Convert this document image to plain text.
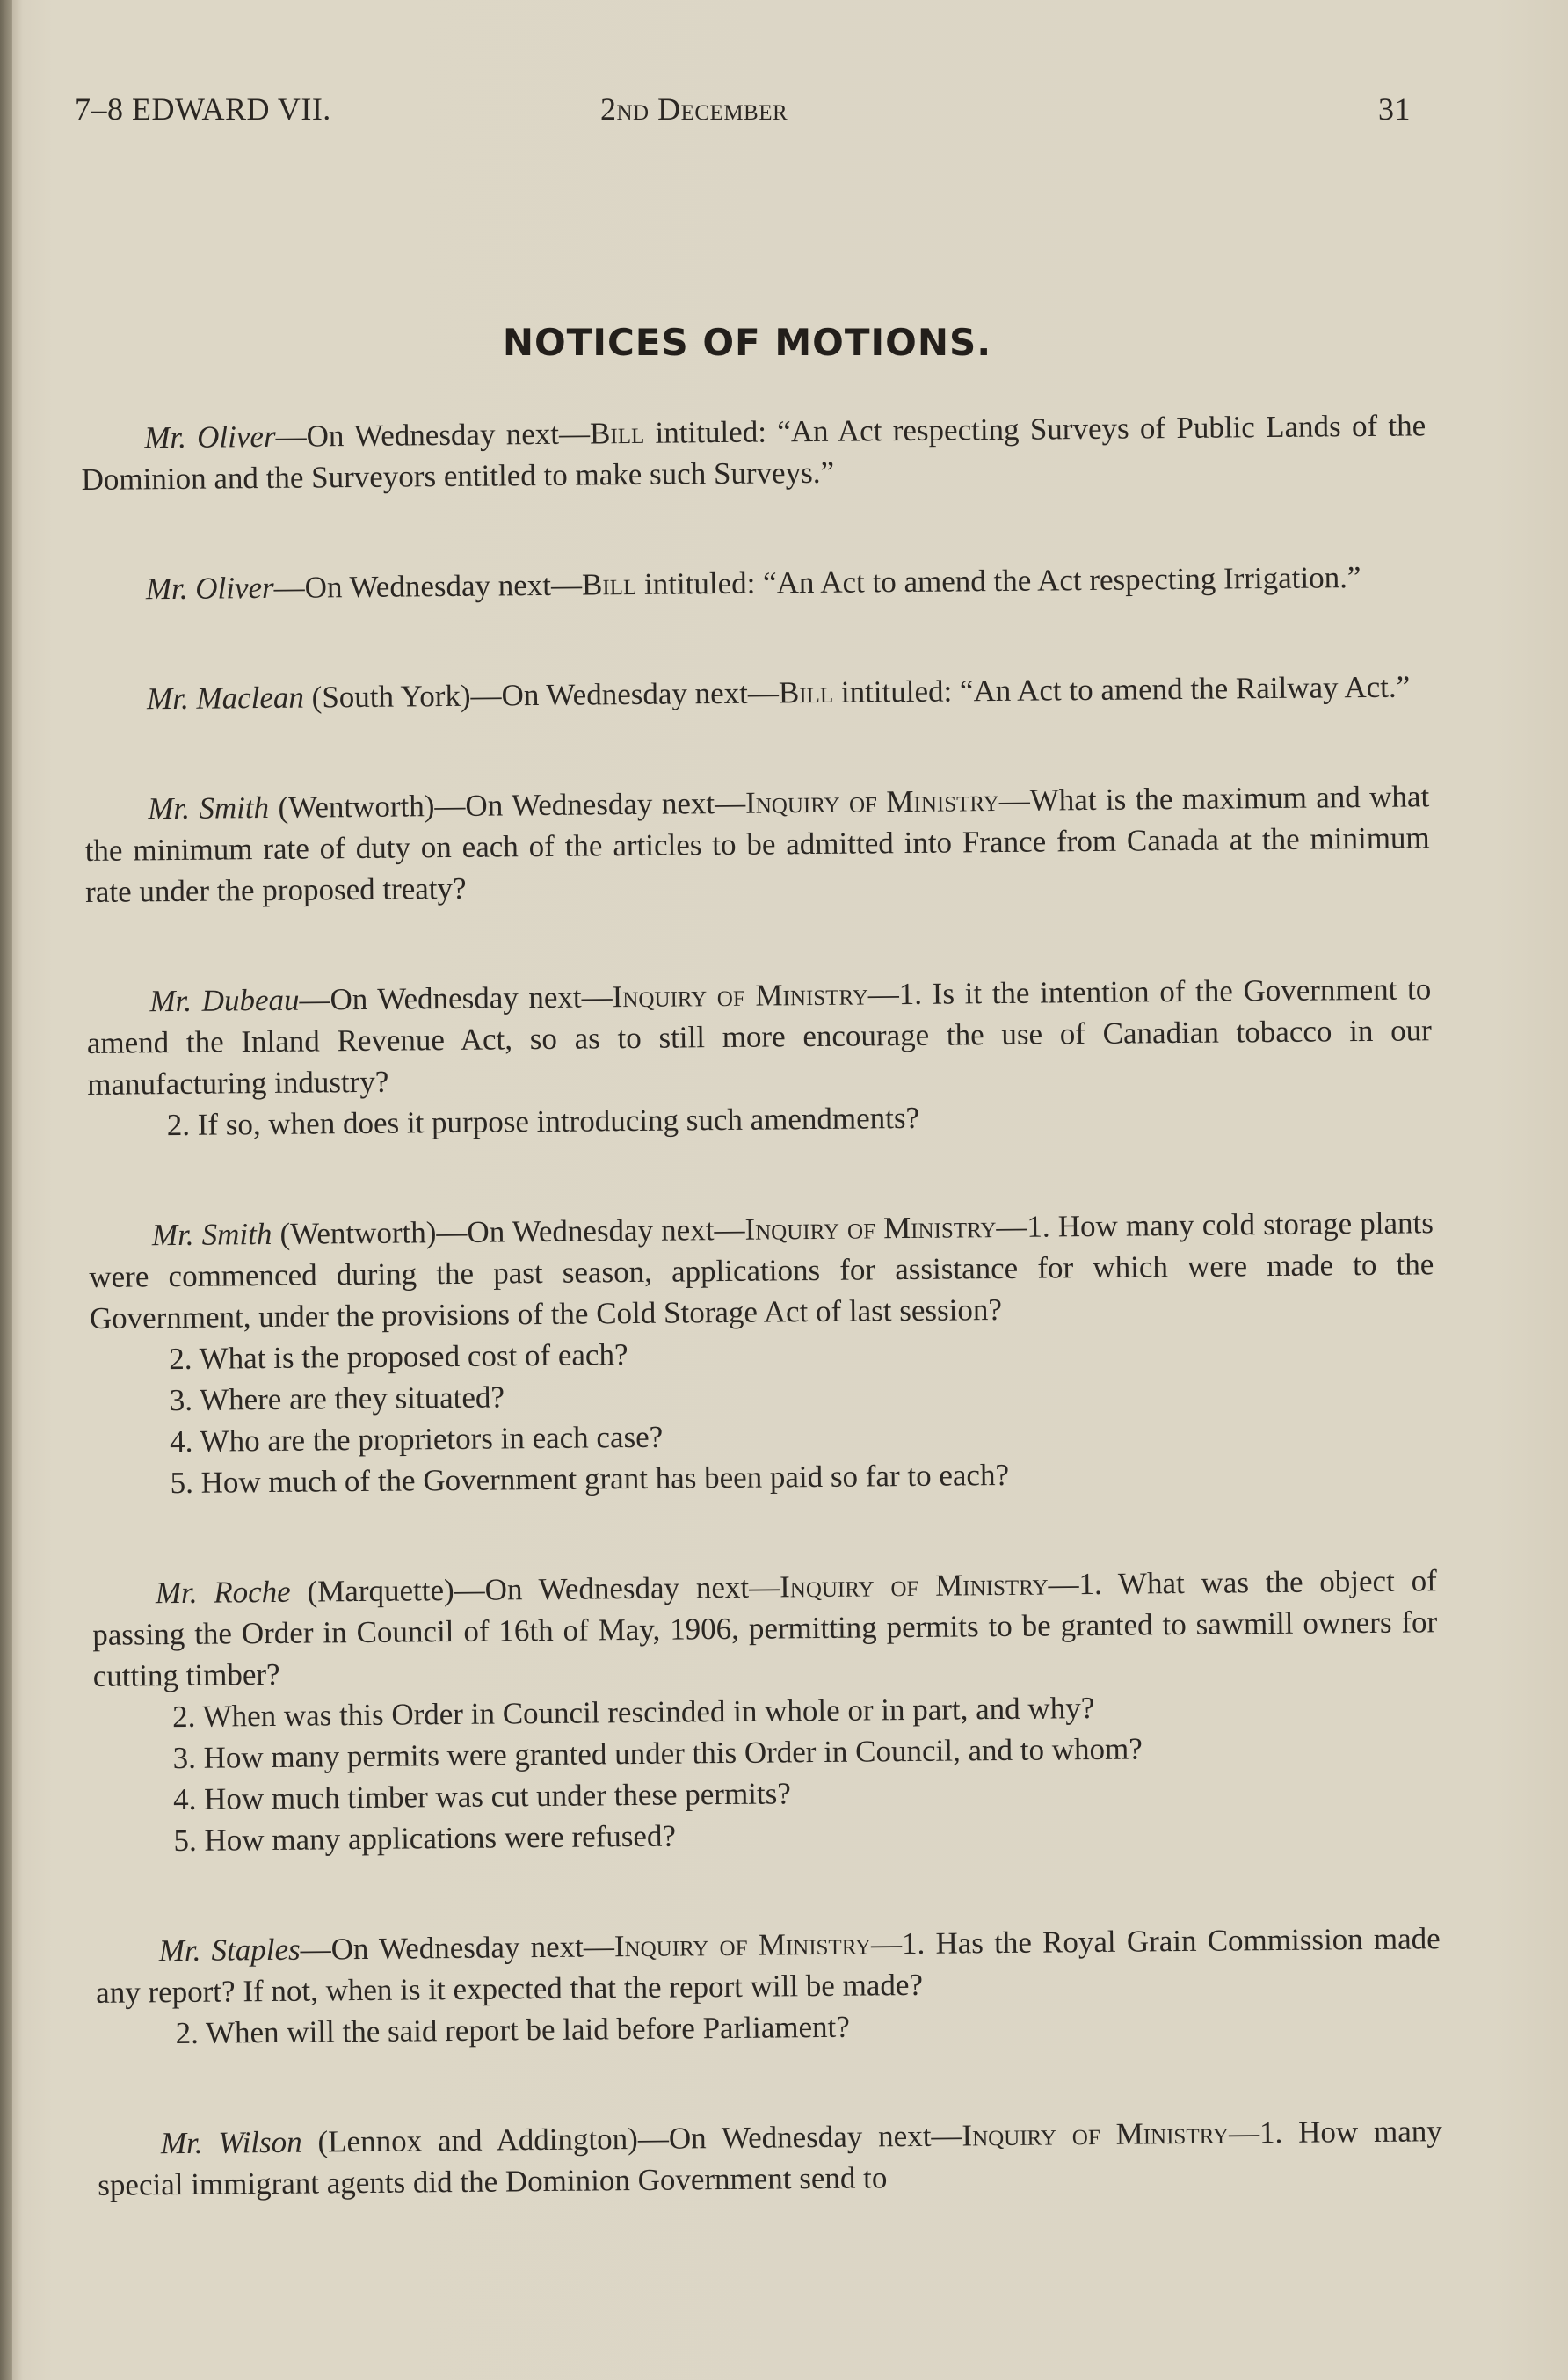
7–8 EDWARD VII.	2nd December	31
NOTICES OF MOTIONS.

Mr. Oliver—On Wednesday next—Bill intituled: “An Act respecting Surveys of Public Lands of the Dominion and the Surveyors entitled to make such Surveys.”

Mr. Oliver—On Wednesday next—Bill intituled: “An Act to amend the Act respecting Irrigation.”

Mr. Maclean (South York)—On Wednesday next—Bill intituled: “An Act to amend the Railway Act.”

Mr. Smith (Wentworth)—On Wednesday next—Inquiry of Ministry—What is the maximum and what the minimum rate of duty on each of the articles to be admitted into France from Canada at the minimum rate under the proposed treaty?

Mr. Dubeau—On Wednesday next—Inquiry of Ministry—1. Is it the intention of the Government to amend the Inland Revenue Act, so as to still more encourage the use of Canadian tobacco in our manufacturing industry?

2. If so, when does it purpose introducing such amendments?

Mr. Smith (Wentworth)—On Wednesday next—Inquiry of Ministry—1. How many cold storage plants were commenced during the past season, applications for assistance for which were made to the Government, under the provisions of the Cold Storage Act of last session?

2. What is the proposed cost of each?

3. Where are they situated?

4. Who are the proprietors in each case?

5. How much of the Government grant has been paid so far to each?

Mr. Roche (Marquette)—On Wednesday next—Inquiry of Ministry—1. What was the object of passing the Order in Council of 16th of May, 1906, permitting permits to be granted to sawmill owners for cutting timber?

2. When was this Order in Council rescinded in whole or in part, and why?

3. How many permits were granted under this Order in Council, and to whom?

4. How much timber was cut under these permits?

5. How many applications were refused?

Mr. Staples—On Wednesday next—Inquiry of Ministry—1. Has the Royal Grain Commission made any report? If not, when is it expected that the report will be made?

2. When will the said report be laid before Parliament?

Mr. Wilson (Lennox and Addington)—On Wednesday next—Inquiry of Ministry—1. How many special immigrant agents did the Dominion Government send to
